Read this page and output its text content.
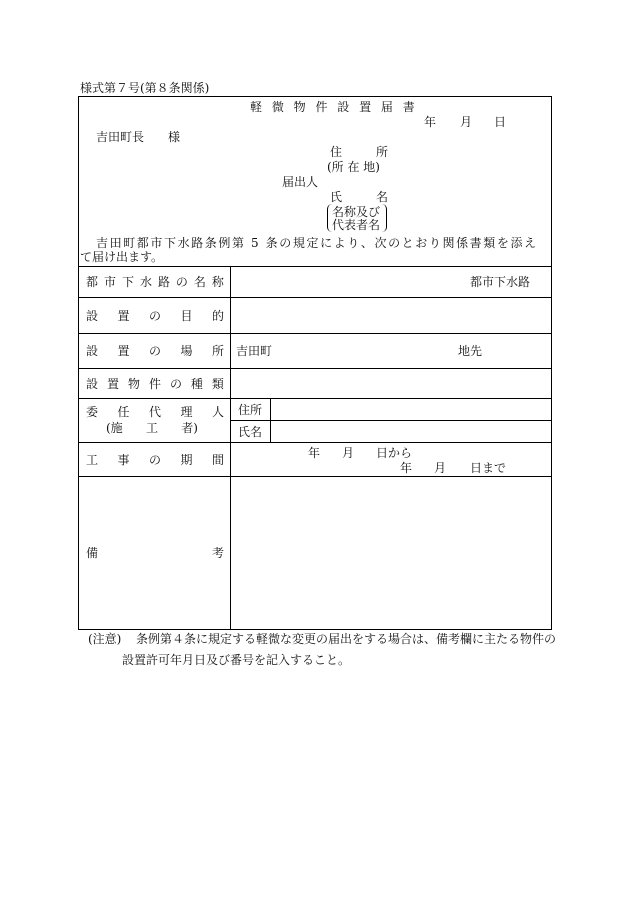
様式第７号(第８条関係)
軽 微 物 件 設 置 届 書
年 月 日
吉田町長 様
住	所
(所 在 地)
届出人
氏	名
名称及び
代表者名
吉田町都市下水路条例第 5 条の規定により、次のとおり関係書類を添え
て届け出ます。
都 市 下 水 路 の 名 称	都市下水路
設 置 の 目 的
設 置 の 場 所 吉田町	地先
設 置 物 件 の 種 類
委 任 代 理 人
(施 工 者)
住所
氏名
工 事 の 期 間	年 月 日から
年 月 日まで
備	考
(注意) 条例第４条に規定する軽微な変更の届出をする場合は、備考欄に主たる物件の
設置許可年月日及び番号を記入すること。
